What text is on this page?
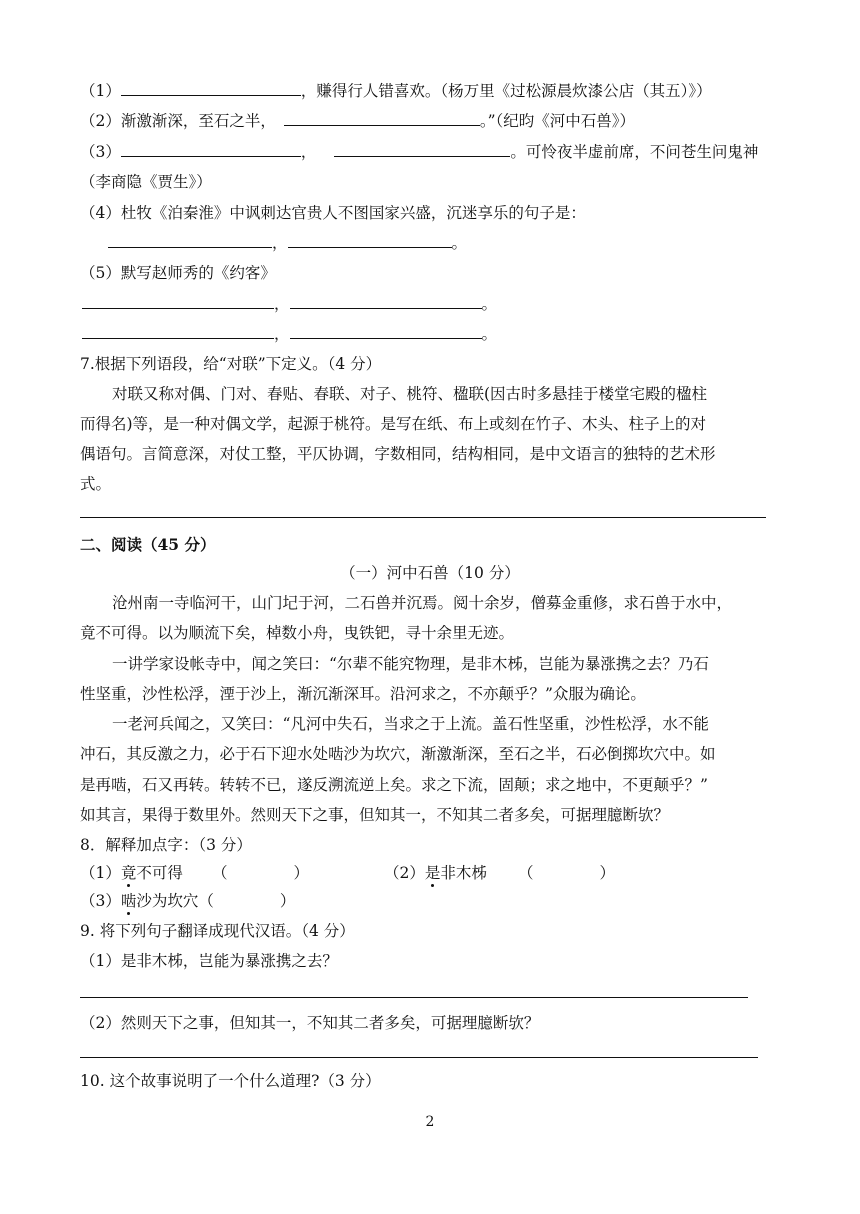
（1）	，赚得行人错喜欢。（杨万里《过松源晨炊漆公店（其五）》）
（2）渐激渐深，至石之半，	。”（纪昀《河中石兽》）
（3）	，	。可怜夜半虚前席，不问苍生问鬼神
（李商隐《贾生》）
（4）杜牧《泊秦淮》中讽刺达官贵人不图国家兴盛，沉迷享乐的句子是：
，	。
（5）默写赵师秀的《约客》
，	。
，	。
7.根据下列语段，给“对联”下定义。（4 分）
对联又称对偶、门对、春贴、春联、对子、桃符、楹联(因古时多悬挂于楼堂宅殿的楹柱
而得名)等，是一种对偶文学，起源于桃符。是写在纸、布上或刻在竹子、木头、柱子上的对
偶语句。言简意深，对仗工整，平仄协调，字数相同，结构相同，是中文语言的独特的艺术形
式。
二、阅读（45 分）
（一）河中石兽（10 分）
沧州南一寺临河干，山门圮于河，二石兽并沉焉。阅十余岁，僧募金重修，求石兽于水中，
竟不可得。以为顺流下矣，棹数小舟，曳铁钯，寻十余里无迹。
一讲学家设帐寺中，闻之笑曰：“尔辈不能究物理，是非木柹，岂能为暴涨携之去？乃石
性坚重，沙性松浮，湮于沙上，渐沉渐深耳。沿河求之，不亦颠乎？”众服为确论。
一老河兵闻之，又笑曰：“凡河中失石，当求之于上流。盖石性坚重，沙性松浮，水不能
冲石，其反激之力，必于石下迎水处啮沙为坎穴，渐激渐深，至石之半，石必倒掷坎穴中。如
是再啮，石又再转。转转不已，遂反溯流逆上矣。求之下流，固颠；求之地中，不更颠乎？”
如其言，果得于数里外。然则天下之事，但知其一，不知其二者多矣，可据理臆断欤？
8．解释加点字：（3 分）
（1）竟不可得 （	）	（2）是非木柹 （	）
（3）啮沙为坎穴（	）
9. 将下列句子翻译成现代汉语。（4 分）
（1）是非木柹，岂能为暴涨携之去？
（2）然则天下之事，但知其一，不知其二者多矣，可据理臆断欤？
10. 这个故事说明了一个什么道理?（3 分）
2
